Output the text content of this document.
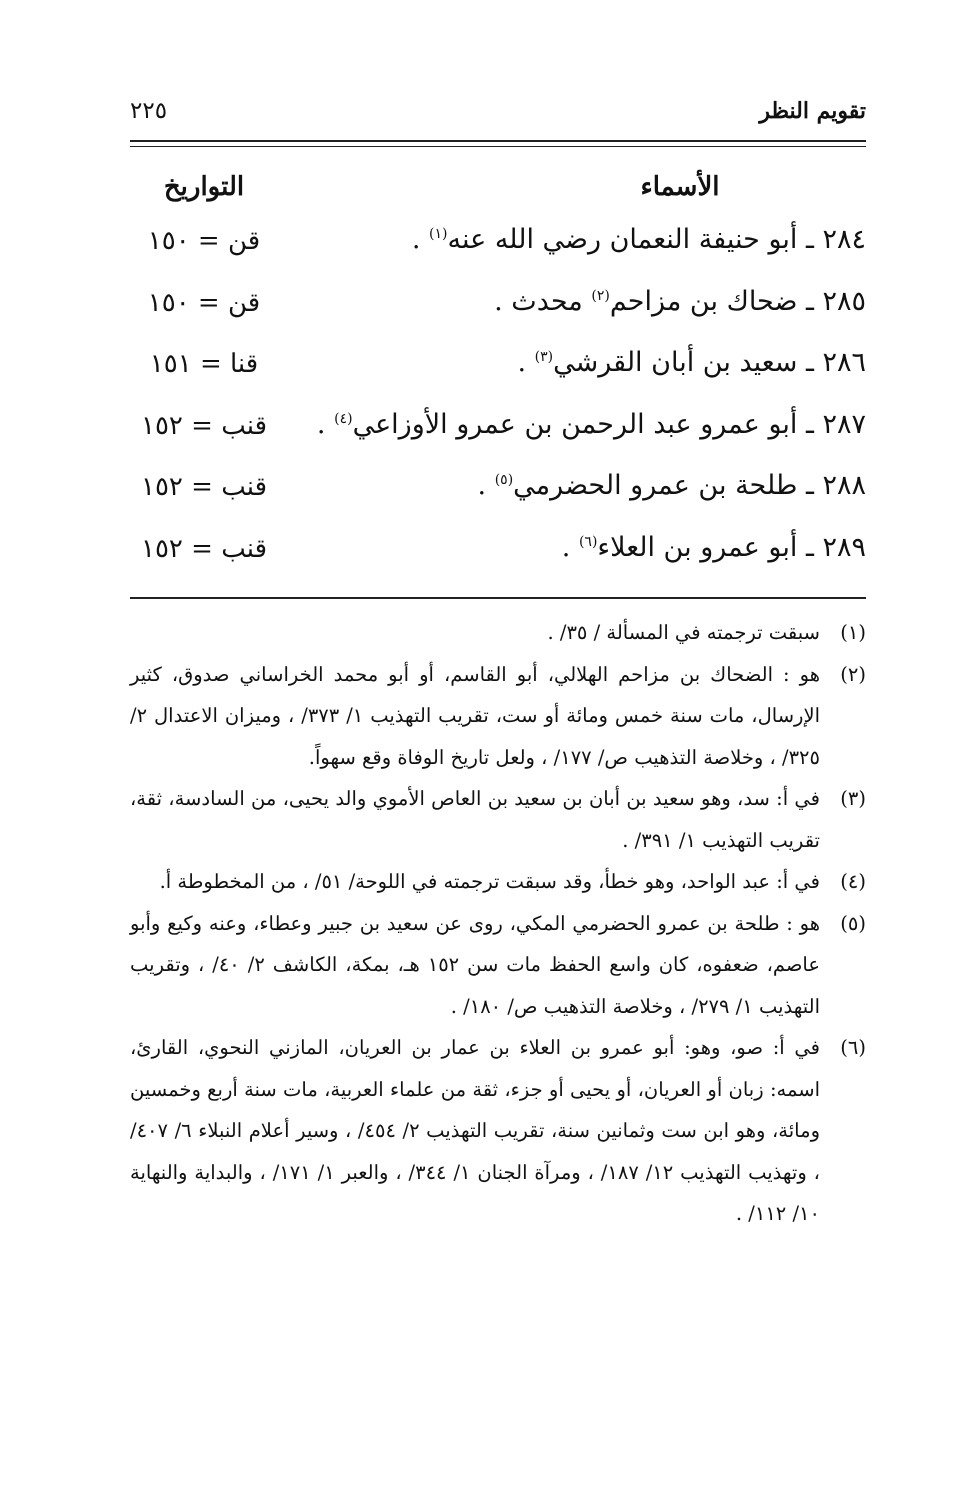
تقويم النظر
٢٢٥
الأسماء
التواريخ
٢٨٤ ـ أبو حنيفة النعمان رضي الله عنه$^{(١)}$ .
قن = ١٥٠
٢٨٥ ـ ضحاك بن مزاحم$^{(٢)}$ محدث .
قن = ١٥٠
٢٨٦ ـ سعيد بن أبان القرشي$^{(٣)}$ .
قنا = ١٥١
٢٨٧ ـ أبو عمرو عبد الرحمن بن عمرو الأوزاعي$^{(٤)}$ .
قنب = ١٥٢
٢٨٨ ـ طلحة بن عمرو الحضرمي$^{(٥)}$ .
قنب = ١٥٢
٢٨٩ ـ أبو عمرو بن العلاء$^{(٦)}$ .
قنب = ١٥٢
(١)
سبقت ترجمته في المسألة / ٣٥/ .
(٢)
هو : الضحاك بن مزاحم الهلالي، أبو القاسم، أو أبو محمد الخراساني صدوق، كثير الإرسال، مات سنة خمس ومائة أو ست، تقريب التهذيب ١/ ٣٧٣/ ، وميزان الاعتدال ٢/ ٣٢٥/ ، وخلاصة التذهيب ص/ ١٧٧/ ، ولعل تاريخ الوفاة وقع سهواً.
(٣)
في أ: سد، وهو سعيد بن أبان بن سعيد بن العاص الأموي والد يحيى، من السادسة، ثقة، تقريب التهذيب ١/ ٣٩١/ .
(٤)
في أ: عبد الواحد، وهو خطأ، وقد سبقت ترجمته في اللوحة/ ٥١/ ، من المخطوطة أ.
(٥)
هو : طلحة بن عمرو الحضرمي المكي، روى عن سعيد بن جبير وعطاء، وعنه وكيع وأبو عاصم، ضعفوه، كان واسع الحفظ مات سن ١٥٢ هـ، بمكة، الكاشف ٢/ ٤٠/ ، وتقريب التهذيب ١/ ٢٧٩/ ، وخلاصة التذهيب ص/ ١٨٠/ .
(٦)
في أ: صو، وهو: أبو عمرو بن العلاء بن عمار بن العريان، المازني النحوي، القارئ، اسمه: زبان أو العريان، أو يحيى أو جزء، ثقة من علماء العربية، مات سنة أربع وخمسين ومائة، وهو ابن ست وثمانين سنة، تقريب التهذيب ٢/ ٤٥٤/ ، وسير أعلام النبلاء ٦/ ٤٠٧/ ، وتهذيب التهذيب ١٢/ ١٨٧/ ، ومرآة الجنان ١/ ٣٤٤/ ، والعبر ١/ ١٧١/ ، والبداية والنهاية ١٠/ ١١٢/ .
